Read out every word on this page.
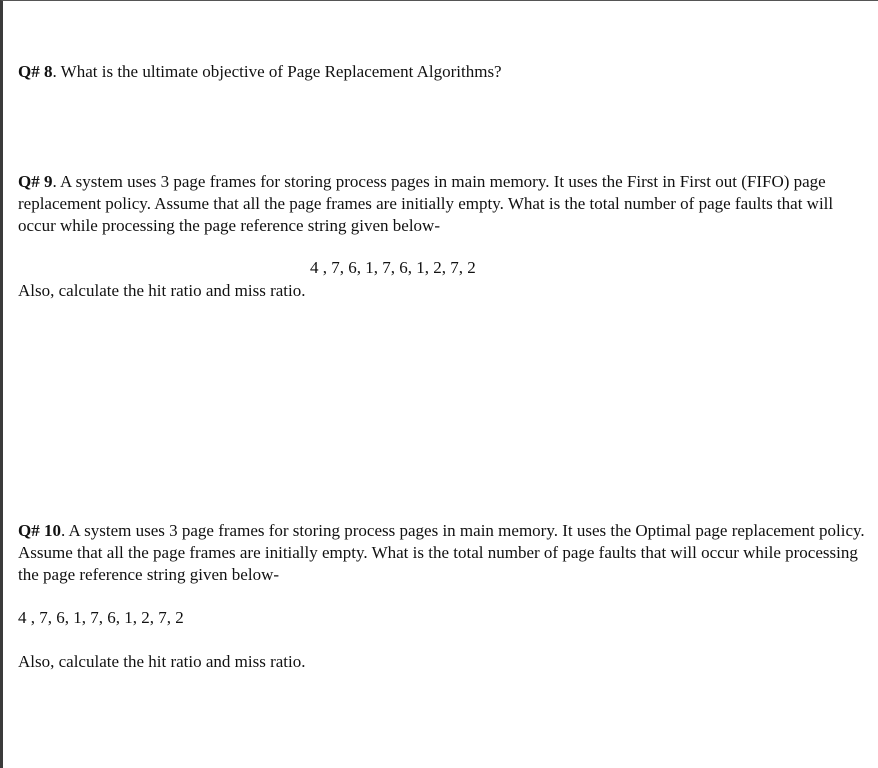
Q# 8. What is the ultimate objective of Page Replacement Algorithms?

Q# 9. A system uses 3 page frames for storing process pages in main memory. It uses the First in First out (FIFO) page replacement policy. Assume that all the page frames are initially empty. What is the total number of page faults that will occur while processing the page reference string given below-

4 , 7, 6, 1, 7, 6, 1, 2, 7, 2

Also, calculate the hit ratio and miss ratio.

Q# 10. A system uses 3 page frames for storing process pages in main memory. It uses the Optimal page replacement policy. Assume that all the page frames are initially empty. What is the total number of page faults that will occur while processing the page reference string given below-

4 , 7, 6, 1, 7, 6, 1, 2, 7, 2

Also, calculate the hit ratio and miss ratio.
